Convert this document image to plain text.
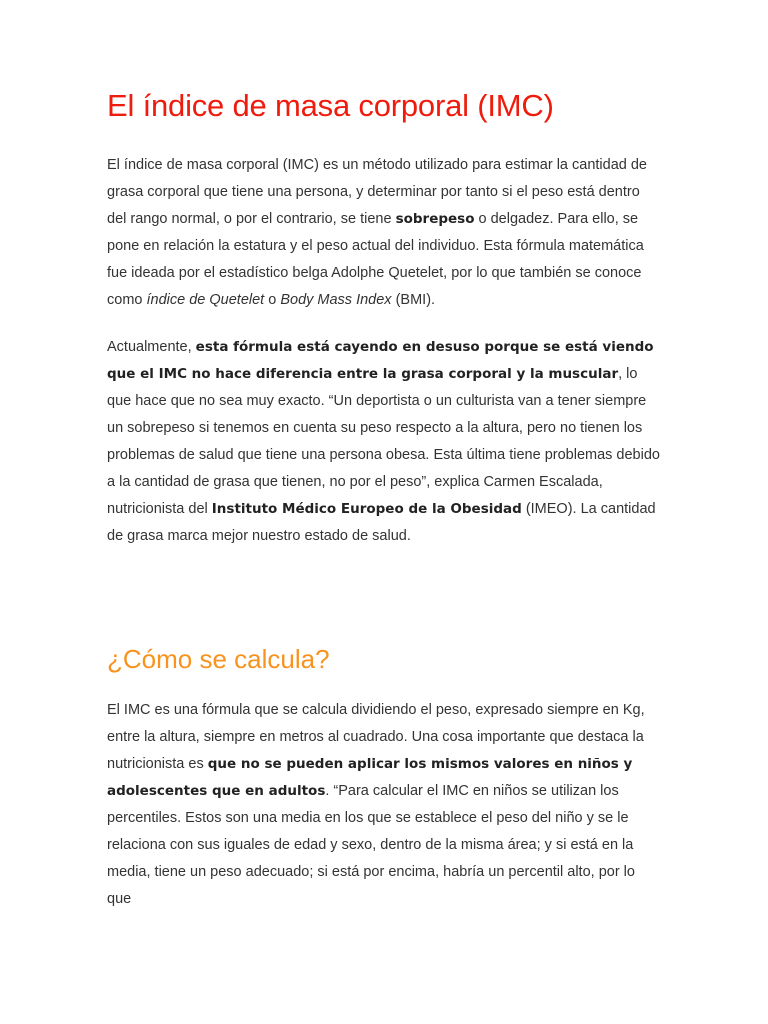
El índice de masa corporal (IMC)

El índice de masa corporal (IMC) es un método utilizado para estimar la cantidad de grasa corporal que tiene una persona, y determinar por tanto si el peso está dentro del rango normal, o por el contrario, se tiene sobrepeso o delgadez. Para ello, se pone en relación la estatura y el peso actual del individuo. Esta fórmula matemática fue ideada por el estadístico belga Adolphe Quetelet, por lo que también se conoce como índice de Quetelet o Body Mass Index (BMI).

Actualmente, esta fórmula está cayendo en desuso porque se está viendo que el IMC no hace diferencia entre la grasa corporal y la muscular, lo que hace que no sea muy exacto. “Un deportista o un culturista van a tener siempre un sobrepeso si tenemos en cuenta su peso respecto a la altura, pero no tienen los problemas de salud que tiene una persona obesa. Esta última tiene problemas debido a la cantidad de grasa que tienen, no por el peso”, explica Carmen Escalada, nutricionista del Instituto Médico Europeo de la Obesidad (IMEO). La cantidad de grasa marca mejor nuestro estado de salud.

¿Cómo se calcula?

El IMC es una fórmula que se calcula dividiendo el peso, expresado siempre en Kg, entre la altura, siempre en metros al cuadrado. Una cosa importante que destaca la nutricionista es que no se pueden aplicar los mismos valores en niños y adolescentes que en adultos. “Para calcular el IMC en niños se utilizan los percentiles. Estos son una media en los que se establece el peso del niño y se le relaciona con sus iguales de edad y sexo, dentro de la misma área; y si está en la media, tiene un peso adecuado; si está por encima, habría un percentil alto, por lo que
